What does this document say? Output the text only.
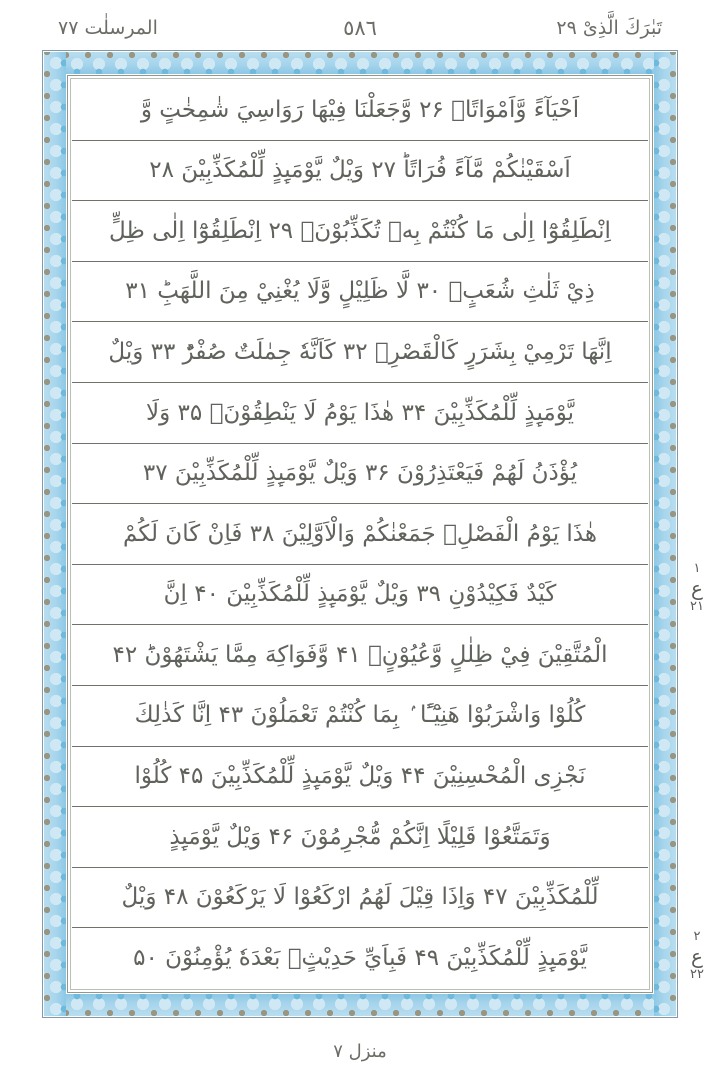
المرسلٰت ٧٧	٥٨٦	تَبٰرَكَ الَّذِىْ ٢٩
اَحْيَآءً وَّاَمْوَاتًاۙ ۲۶ وَّجَعَلْنَا فِيْهَا رَوَاسِيَ شٰمِخٰتٍ وَّ
اَسْقَيْنٰكُمْ مَّآءً فُرَاتًاؕ ۲۷ وَيْلٌ يَّوْمَىِٕذٍ لِّلْمُكَذِّبِيْنَ ۲۸
اِنْطَلِقُوْٓا اِلٰى مَا كُنْتُمْ بِهٖ تُكَذِّبُوْنَۚ ۲۹ اِنْطَلِقُوْٓا اِلٰى ظِلٍّ
ذِيْ ثَلٰثِ شُعَبٍۙ ۳۰ لَّا ظَلِيْلٍ وَّلَا يُغْنِيْ مِنَ اللَّهَبِؕ ۳۱
اِنَّهَا تَرْمِيْ بِشَرَرٍ كَالْقَصْرِۚ ۳۲ كَاَنَّهٗ جِمٰلَتٌ صُفْرٌؕ ۳۳ وَيْلٌ
يَّوْمَىِٕذٍ لِّلْمُكَذِّبِيْنَ ۳۴ هٰذَا يَوْمُ لَا يَنْطِقُوْنَۙ ۳۵ وَلَا
يُؤْذَنُ لَهُمْ فَيَعْتَذِرُوْنَ ۳۶ وَيْلٌ يَّوْمَىِٕذٍ لِّلْمُكَذِّبِيْنَ ۳۷
هٰذَا يَوْمُ الْفَصْلِۚ جَمَعْنٰكُمْ وَالْاَوَّلِيْنَ ۳۸ فَاِنْ كَانَ لَكُمْ
كَيْدٌ فَكِيْدُوْنِ ۳۹ وَيْلٌ يَّوْمَىِٕذٍ لِّلْمُكَذِّبِيْنَ ۴۰ اِنَّ
الْمُتَّقِيْنَ فِيْ ظِلٰلٍ وَّعُيُوْنٍۙ ۴۱ وَّفَوَاكِهَ مِمَّا يَشْتَهُوْنَؕ ۴۲
كُلُوْا وَاشْرَبُوْا هَنِيْٓـًٔا ۢ بِمَا كُنْتُمْ تَعْمَلُوْنَ ۴۳ اِنَّا كَذٰلِكَ
نَجْزِى الْمُحْسِنِيْنَ ۴۴ وَيْلٌ يَّوْمَىِٕذٍ لِّلْمُكَذِّبِيْنَ ۴۵ كُلُوْا
وَتَمَتَّعُوْا قَلِيْلًا اِنَّكُمْ مُّجْرِمُوْنَ ۴۶ وَيْلٌ يَّوْمَىِٕذٍ
لِّلْمُكَذِّبِيْنَ ۴۷ وَاِذَا قِيْلَ لَهُمُ ارْكَعُوْا لَا يَرْكَعُوْنَ ۴۸ وَيْلٌ
يَّوْمَىِٕذٍ لِّلْمُكَذِّبِيْنَ ۴۹ فَبِاَيِّ حَدِيْثٍۢ بَعْدَهٗ يُؤْمِنُوْنَ ۵۰
١
ع
٢١
٢
ع
٢٢
منزل ٧
